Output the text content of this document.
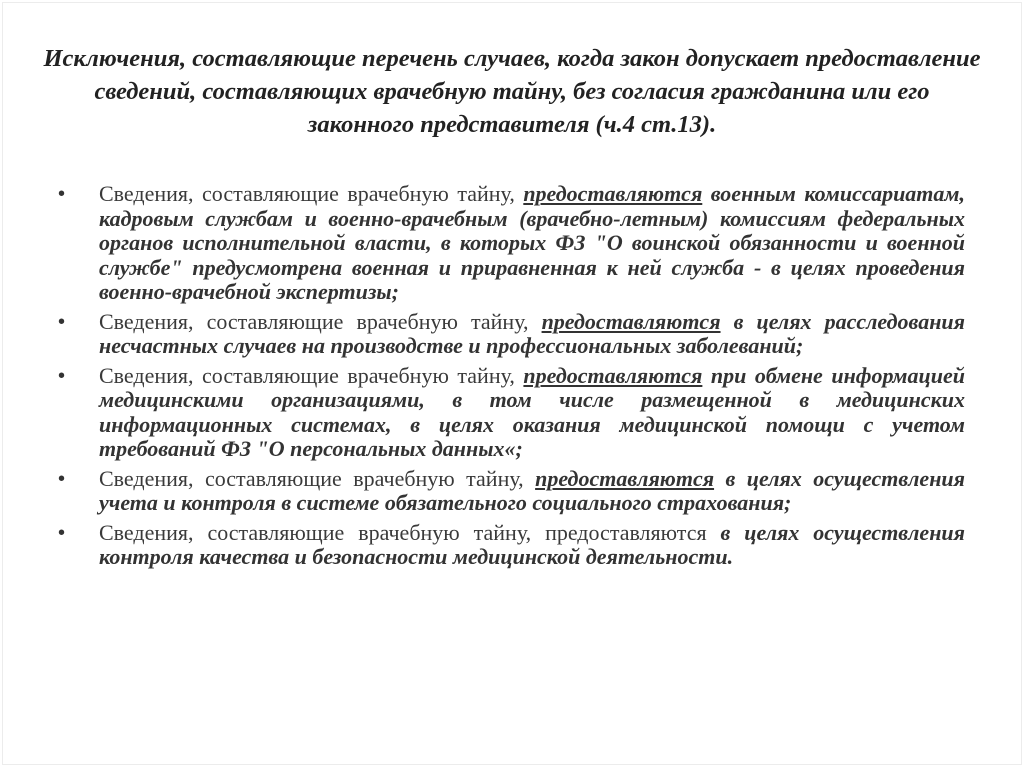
Исключения, составляющие перечень случаев, когда закон допускает предоставление сведений, составляющих врачебную тайну, без согласия гражданина или его законного представителя (ч.4 ст.13).
• Сведения, составляющие врачебную тайну, предоставляются военным комиссариатам, кадровым службам и военно-врачебным (врачебно-летным) комиссиям федеральных органов исполнительной власти, в которых ФЗ "О воинской обязанности и военной службе" предусмотрена военная и приравненная к ней служба - в целях проведения военно-врачебной экспертизы;
• Сведения, составляющие врачебную тайну, предоставляются в целях расследования несчастных случаев на производстве и профессиональных заболеваний;
• Сведения, составляющие врачебную тайну, предоставляются при обмене информацией медицинскими организациями, в том числе размещенной в медицинских информационных системах, в целях оказания медицинской помощи с учетом требований ФЗ "О персональных данных«;
• Сведения, составляющие врачебную тайну, предоставляются в целях осуществления учета и контроля в системе обязательного социального страхования;
• Сведения, составляющие врачебную тайну, предоставляются в целях осуществления контроля качества и безопасности медицинской деятельности.
